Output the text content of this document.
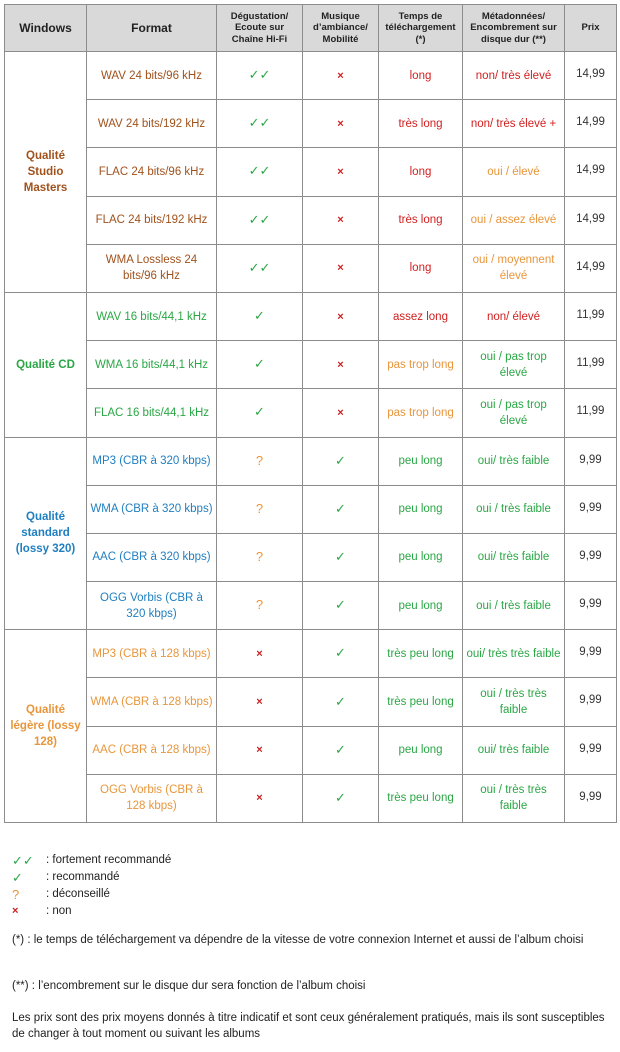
Windows	Format	Dégustation/ Ecoute sur Chaîne Hi-Fi	Musique d’ambiance/ Mobilité	Temps de téléchargement (*)	Métadonnées/ Encombrement sur disque dur (**)	Prix
Qualité Studio Masters	WAV 24 bits/96 kHz	✓✓	×	long	non/ très élevé	14,99
	WAV 24 bits/192 kHz	✓✓	×	très long	non/ très élevé +	14,99
	FLAC 24 bits/96 kHz	✓✓	×	long	oui / élevé	14,99
	FLAC 24 bits/192 kHz	✓✓	×	très long	oui / assez élevé	14,99
	WMA Lossless 24 bits/96 kHz	✓✓	×	long	oui / moyennent élevé	14,99
Qualité CD	WAV 16 bits/44,1 kHz	✓	×	assez long	non/ élevé	11,99
	WMA 16 bits/44,1 kHz	✓	×	pas trop long	oui / pas trop élevé	11,99
	FLAC 16 bits/44,1 kHz	✓	×	pas trop long	oui / pas trop élevé	11,99
Qualité standard (lossy 320)	MP3 (CBR à 320 kbps)	?	✓	peu long	oui/ très faible	9,99
	WMA (CBR à 320 kbps)	?	✓	peu long	oui / très faible	9,99
	AAC (CBR à 320 kbps)	?	✓	peu long	oui/ très faible	9,99
	OGG Vorbis (CBR à 320 kbps)	?	✓	peu long	oui / très faible	9,99
Qualité légère (lossy 128)	MP3 (CBR à 128 kbps)	×	✓	très peu long	oui/ très très faible	9,99
	WMA (CBR à 128 kbps)	×	✓	très peu long	oui / très très faible	9,99
	AAC (CBR à 128 kbps)	×	✓	peu long	oui/ très faible	9,99
	OGG Vorbis (CBR à 128 kbps)	×	✓	très peu long	oui / très très faible	9,99
✓✓	: fortement recommandé
✓	: recommandé
?	: déconseillé
×	: non
(*) : le temps de téléchargement va dépendre de la vitesse de votre connexion Internet et aussi de l’album choisi
(**) : l’encombrement sur le disque dur sera fonction de l’album choisi
Les prix sont des prix moyens donnés à titre indicatif et sont ceux généralement pratiqués, mais ils sont susceptibles de changer à tout moment ou suivant les albums
